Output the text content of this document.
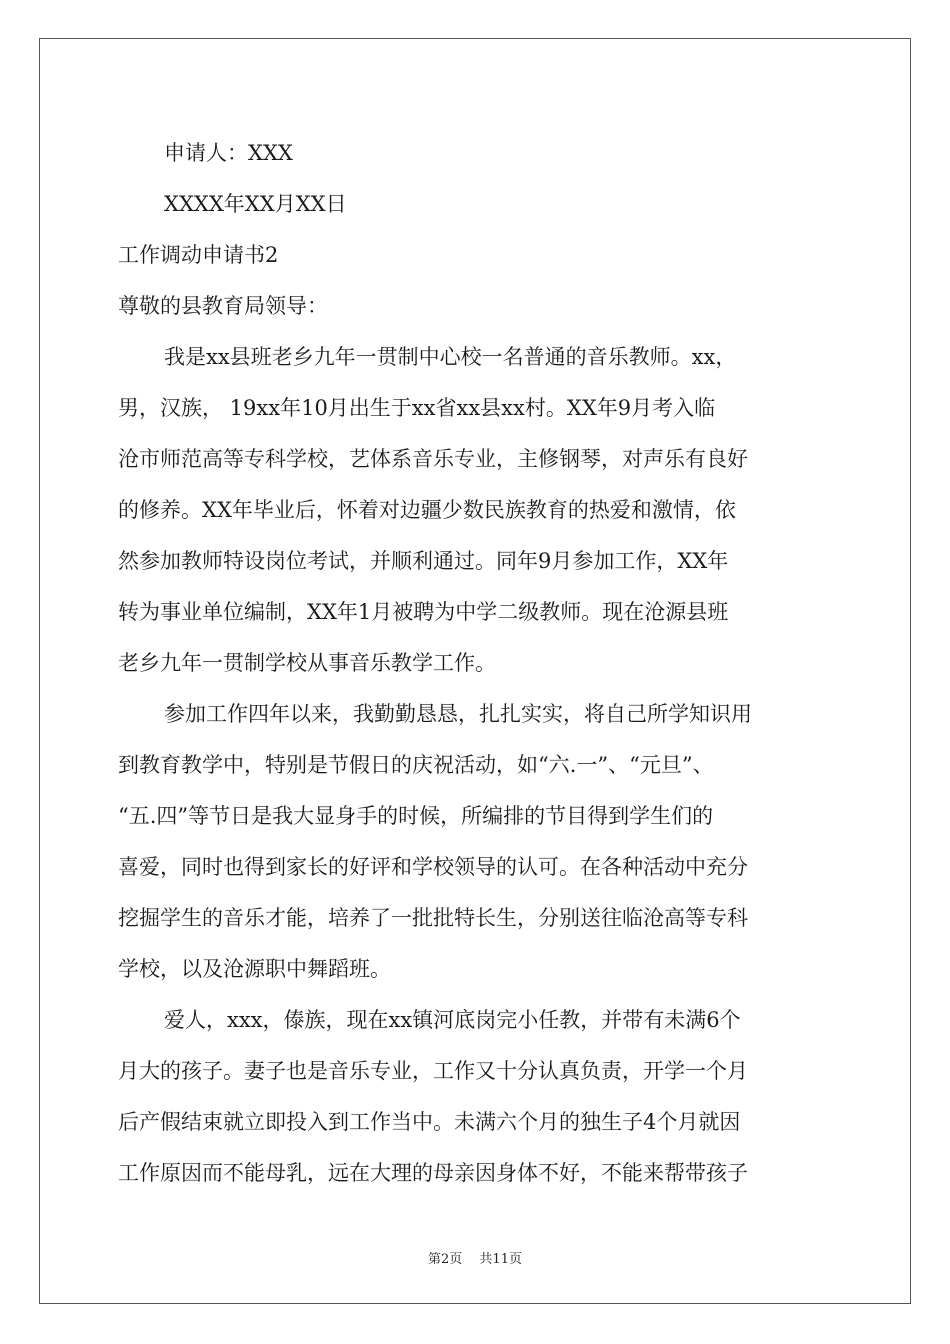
申请人：XXX

XXXX年XX月XX日

工作调动申请书2

尊敬的县教育局领导：

我是xx县班老乡九年一贯制中心校一名普通的音乐教师。xx，

男，汉族， 19xx年10月出生于xx省xx县xx村。XX年9月考入临

沧市师范高等专科学校，艺体系音乐专业，主修钢琴，对声乐有良好

的修养。XX年毕业后，怀着对边疆少数民族教育的热爱和激情，依

然参加教师特设岗位考试，并顺利通过。同年9月参加工作，XX年

转为事业单位编制，XX年1月被聘为中学二级教师。现在沧源县班

老乡九年一贯制学校从事音乐教学工作。

参加工作四年以来，我勤勤恳恳，扎扎实实，将自己所学知识用

到教育教学中，特别是节假日的庆祝活动，如“六.一”、“元旦”、

“五.四”等节日是我大显身手的时候，所编排的节目得到学生们的

喜爱，同时也得到家长的好评和学校领导的认可。在各种活动中充分

挖掘学生的音乐才能，培养了一批批特长生，分别送往临沧高等专科

学校，以及沧源职中舞蹈班。

爱人，xxx，傣族，现在xx镇河底岗完小任教，并带有未满6个

月大的孩子。妻子也是音乐专业，工作又十分认真负责，开学一个月

后产假结束就立即投入到工作当中。未满六个月的独生子4个月就因

工作原因而不能母乳，远在大理的母亲因身体不好，不能来帮带孩子

第2页　 共11页
